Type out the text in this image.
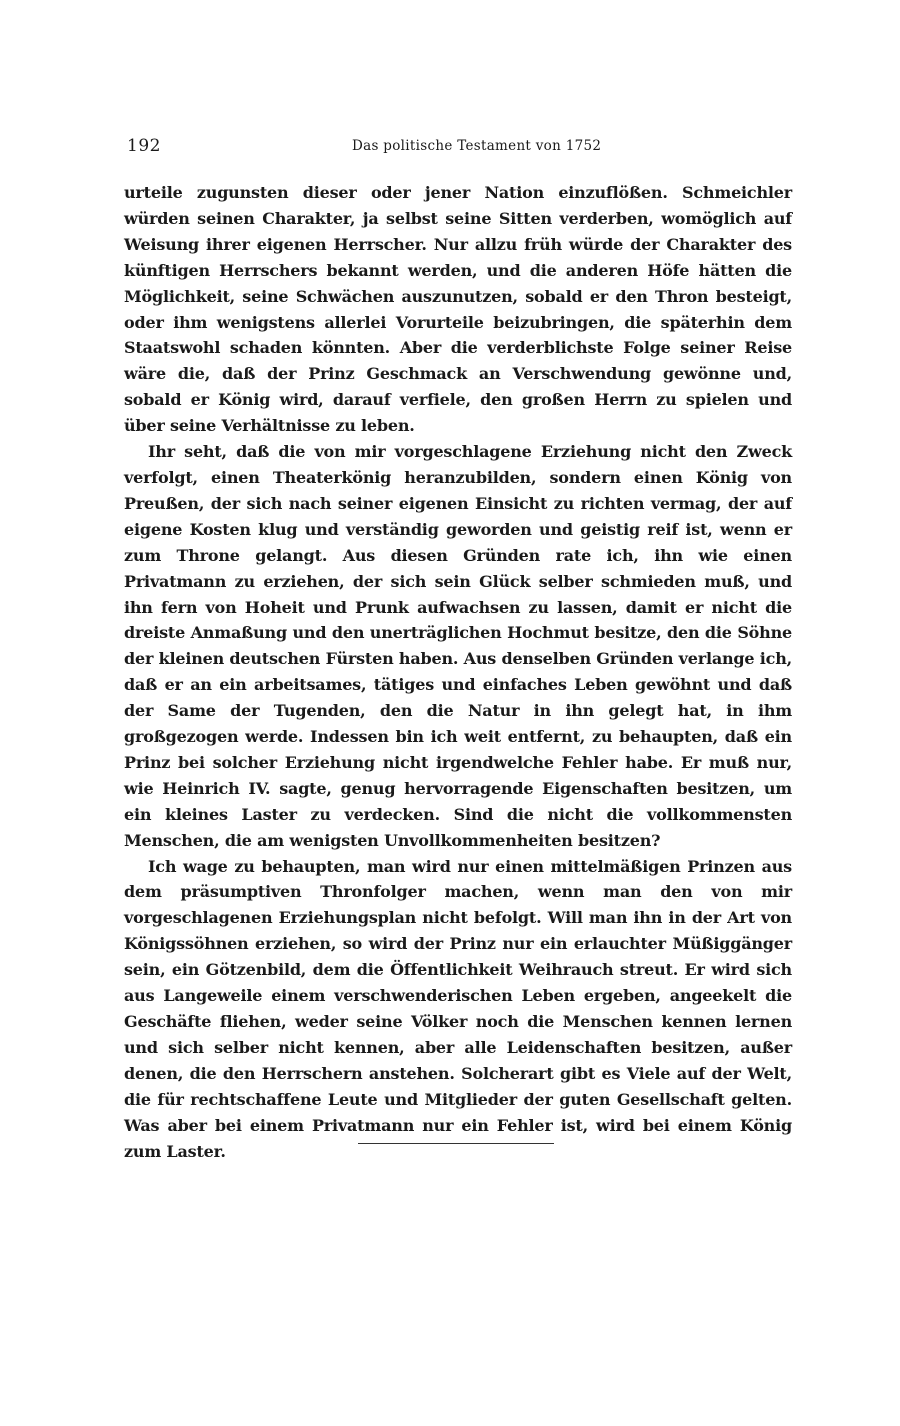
192	Das politische Testament von 1752

urteile zugunsten dieser oder jener Nation einzuflößen. Schmeichler würden seinen Charakter, ja selbst seine Sitten verderben, womöglich auf Weisung ihrer eigenen Herrscher. Nur allzu früh würde der Charakter des künftigen Herrschers bekannt werden, und die anderen Höfe hätten die Möglichkeit, seine Schwächen auszunutzen, sobald er den Thron besteigt, oder ihm wenigstens allerlei Vorurteile beizubringen, die späterhin dem Staatswohl schaden könnten. Aber die verderblichste Folge seiner Reise wäre die, daß der Prinz Geschmack an Verschwendung gewönne und, sobald er König wird, darauf verfiele, den großen Herrn zu spielen und über seine Verhältnisse zu leben.

Ihr seht, daß die von mir vorgeschlagene Erziehung nicht den Zweck verfolgt, einen Theaterkönig heranzubilden, sondern einen König von Preußen, der sich nach seiner eigenen Einsicht zu richten vermag, der auf eigene Kosten klug und verständig geworden und geistig reif ist, wenn er zum Throne gelangt. Aus diesen Gründen rate ich, ihn wie einen Privatmann zu erziehen, der sich sein Glück selber schmieden muß, und ihn fern von Hoheit und Prunk aufwachsen zu lassen, damit er nicht die dreiste Anmaßung und den unerträglichen Hochmut besitze, den die Söhne der kleinen deutschen Fürsten haben. Aus denselben Gründen verlange ich, daß er an ein arbeitsames, tätiges und einfaches Leben gewöhnt und daß der Same der Tugenden, den die Natur in ihn gelegt hat, in ihm großgezogen werde. Indessen bin ich weit entfernt, zu behaupten, daß ein Prinz bei solcher Erziehung nicht irgendwelche Fehler habe. Er muß nur, wie Heinrich IV. sagte, genug hervorragende Eigenschaften besitzen, um ein kleines Laster zu verdecken. Sind die nicht die vollkommensten Menschen, die am wenigsten Unvollkommenheiten besitzen?

Ich wage zu behaupten, man wird nur einen mittelmäßigen Prinzen aus dem präsumptiven Thronfolger machen, wenn man den von mir vorgeschlagenen Erziehungsplan nicht befolgt. Will man ihn in der Art von Königssöhnen erziehen, so wird der Prinz nur ein erlauchter Müßiggänger sein, ein Götzenbild, dem die Öffentlichkeit Weihrauch streut. Er wird sich aus Langeweile einem verschwenderischen Leben ergeben, angeekelt die Geschäfte fliehen, weder seine Völker noch die Menschen kennen lernen und sich selber nicht kennen, aber alle Leidenschaften besitzen, außer denen, die den Herrschern anstehen. Solcherart gibt es Viele auf der Welt, die für rechtschaffene Leute und Mitglieder der guten Gesellschaft gelten. Was aber bei einem Privatmann nur ein Fehler ist, wird bei einem König zum Laster.
